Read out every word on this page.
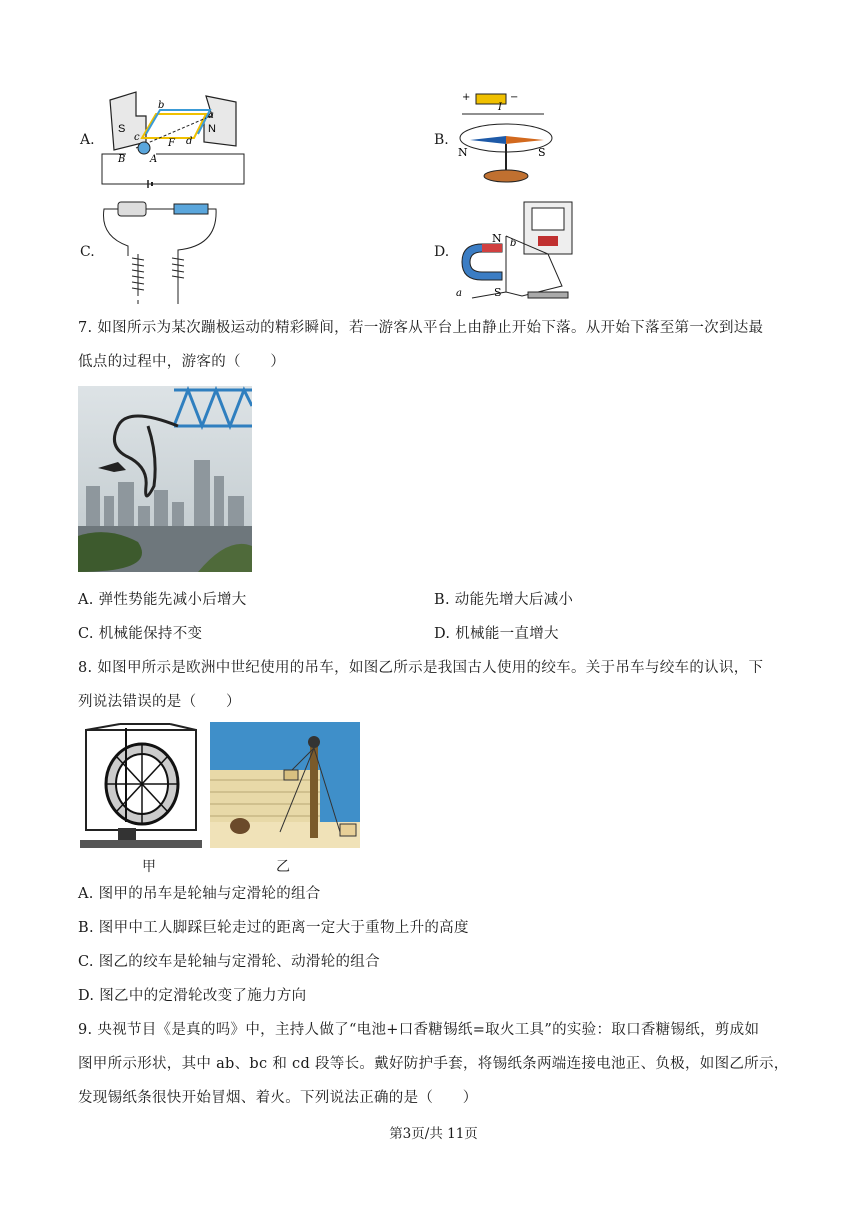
A.
S	N
b
a
c	d
F
B A
B.
+	−
I
N	S
C.	D.
N b
a	S
7. 如图所示为某次蹦极运动的精彩瞬间，若一游客从平台上由静止开始下落。从开始下落至第一次到达最
低点的过程中，游客的（　　）
A. 弹性势能先减小后增大	B. 动能先增大后减小
C. 机械能保持不变	D. 机械能一直增大
8. 如图甲所示是欧洲中世纪使用的吊车，如图乙所示是我国古人使用的绞车。关于吊车与绞车的认识，下
列说法错误的是（　　）
甲	乙
A. 图甲的吊车是轮轴与定滑轮的组合
B. 图甲中工人脚踩巨轮走过的距离一定大于重物上升的高度
C. 图乙的绞车是轮轴与定滑轮、动滑轮的组合
D. 图乙中的定滑轮改变了施力方向
9. 央视节目《是真的吗》中，主持人做了“电池+口香糖锡纸=取火工具”的实验：取口香糖锡纸，剪成如
图甲所示形状，其中 ab、bc 和 cd 段等长。戴好防护手套，将锡纸条两端连接电池正、负极，如图乙所示，
发现锡纸条很快开始冒烟、着火。下列说法正确的是（　　）
第3页/共 11页
